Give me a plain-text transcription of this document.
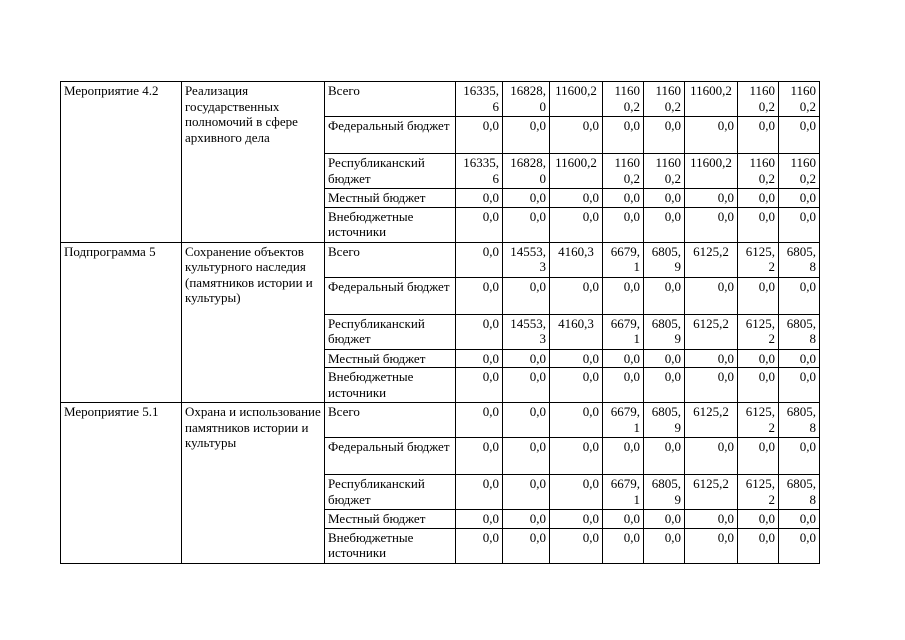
Мероприятие 4.2	Реализация государственных полномочий в сфере архивного дела	Всего	16335,6	16828,0	11600,2	11600,2	11600,2	11600,2	11600,2	11600,2
		Федеральный бюджет	0,0	0,0	0,0	0,0	0,0	0,0	0,0	0,0
		Республиканский бюджет	16335,6	16828,0	11600,2	11600,2	11600,2	11600,2	11600,2	11600,2
		Местный бюджет	0,0	0,0	0,0	0,0	0,0	0,0	0,0	0,0
		Внебюджетные источники	0,0	0,0	0,0	0,0	0,0	0,0	0,0	0,0
Подпрограмма 5	Сохранение объектов культурного наследия (памятников истории и культуры)	Всего	0,0	14553,3	4160,3	6679,1	6805,9	6125,2	6125,2	6805,8
		Федеральный бюджет	0,0	0,0	0,0	0,0	0,0	0,0	0,0	0,0
		Республиканский бюджет	0,0	14553,3	4160,3	6679,1	6805,9	6125,2	6125,2	6805,8
		Местный бюджет	0,0	0,0	0,0	0,0	0,0	0,0	0,0	0,0
		Внебюджетные источники	0,0	0,0	0,0	0,0	0,0	0,0	0,0	0,0
Мероприятие 5.1	Охрана и использование памятников истории и культуры	Всего	0,0	0,0	0,0	6679,1	6805,9	6125,2	6125,2	6805,8
		Федеральный бюджет	0,0	0,0	0,0	0,0	0,0	0,0	0,0	0,0
		Республиканский бюджет	0,0	0,0	0,0	6679,1	6805,9	6125,2	6125,2	6805,8
		Местный бюджет	0,0	0,0	0,0	0,0	0,0	0,0	0,0	0,0
		Внебюджетные источники	0,0	0,0	0,0	0,0	0,0	0,0	0,0	0,0
